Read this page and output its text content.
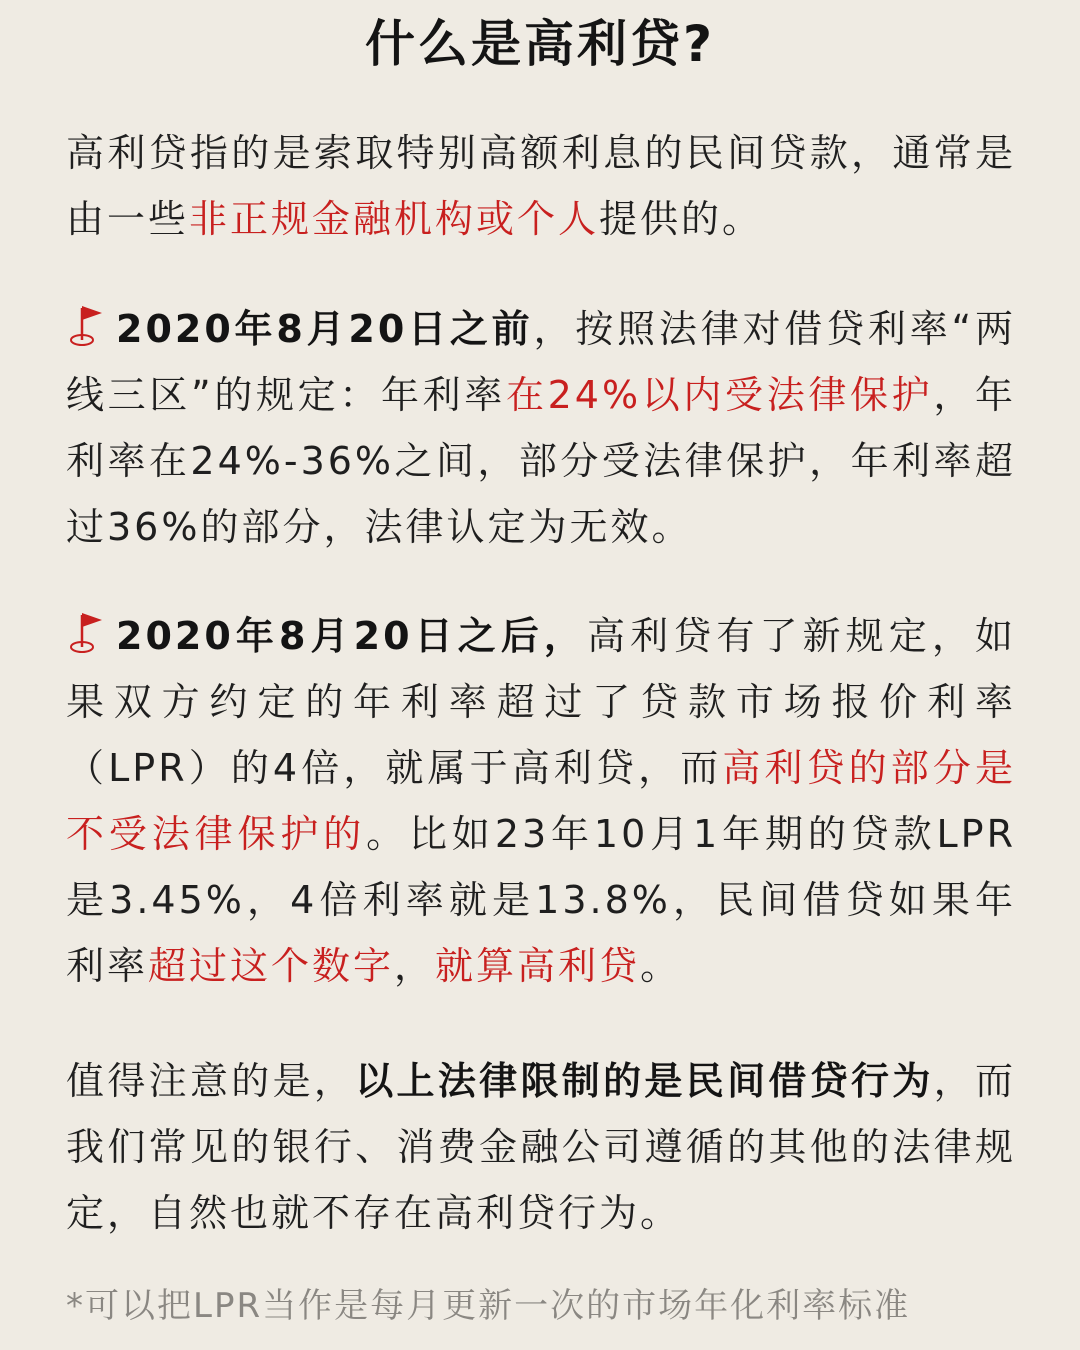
什么是高利贷?
高利贷指的是索取特别高额利息的民间贷款，通常是由一些非正规金融机构或个人提供的。
2020年8月20日之前，按照法律对借贷利率“两线三区”的规定：年利率在24%以内受法律保护，年利率在24%-36%之间，部分受法律保护，年利率超过36%的部分，法律认定为无效。
2020年8月20日之后，高利贷有了新规定，如果双方约定的年利率超过了贷款市场报价利率（LPR）的4倍，就属于高利贷，而高利贷的部分是不受法律保护的。比如23年10月1年期的贷款LPR是3.45%，4倍利率就是13.8%，民间借贷如果年利率超过这个数字，就算高利贷。
值得注意的是，以上法律限制的是民间借贷行为，而我们常见的银行、消费金融公司遵循的其他的法律规定，自然也就不存在高利贷行为。
*可以把LPR当作是每月更新一次的市场年化利率标准
